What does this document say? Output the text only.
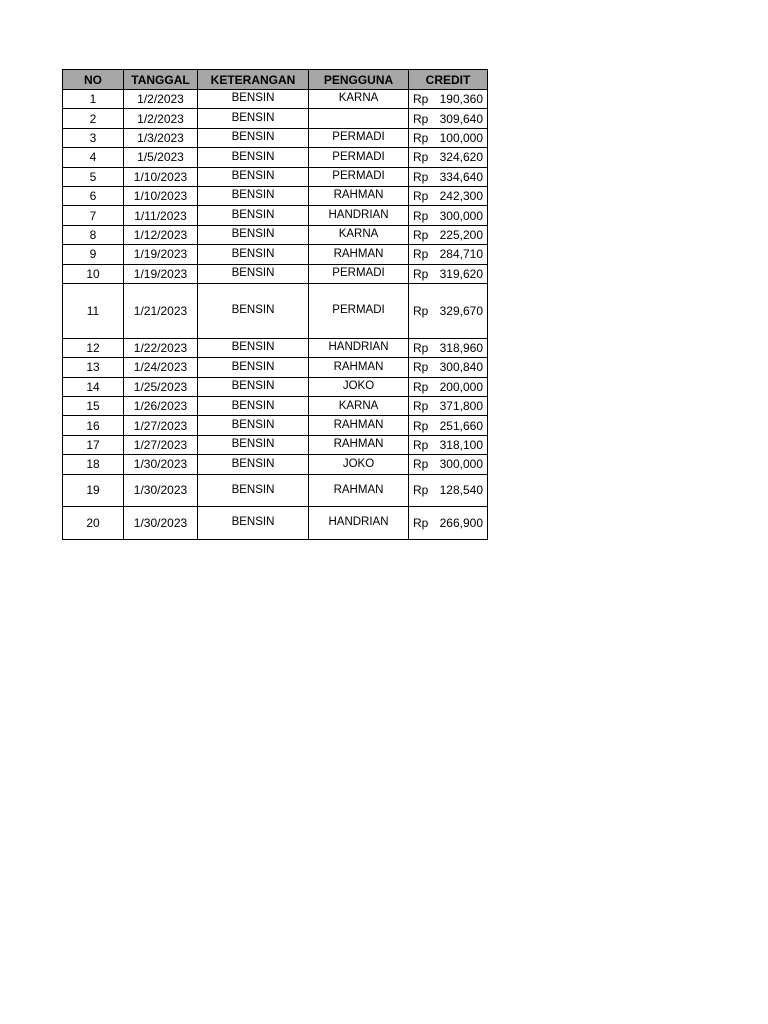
NO	TANGGAL	KETERANGAN	PENGGUNA	CREDIT
1	1/2/2023	BENSIN	KARNA	Rp 190,360

2	1/2/2023	BENSIN		Rp 309,640

3	1/3/2023	BENSIN	PERMADI	Rp 100,000

4	1/5/2023	BENSIN	PERMADI	Rp 324,620

5	1/10/2023	BENSIN	PERMADI	Rp 334,640

6	1/10/2023	BENSIN	RAHMAN	Rp 242,300

7	1/11/2023	BENSIN	HANDRIAN	Rp 300,000

8	1/12/2023	BENSIN	KARNA	Rp 225,200

9	1/19/2023	BENSIN	RAHMAN	Rp 284,710

10	1/19/2023	BENSIN	PERMADI	Rp 319,620

11	1/21/2023	BENSIN	PERMADI	Rp 329,670

12	1/22/2023	BENSIN	HANDRIAN	Rp 318,960

13	1/24/2023	BENSIN	RAHMAN	Rp 300,840

14	1/25/2023	BENSIN	JOKO	Rp 200,000

15	1/26/2023	BENSIN	KARNA	Rp 371,800

16	1/27/2023	BENSIN	RAHMAN	Rp 251,660

17	1/27/2023	BENSIN	RAHMAN	Rp 318,100

18	1/30/2023	BENSIN	JOKO	Rp 300,000

19	1/30/2023	BENSIN	RAHMAN	Rp 128,540

20	1/30/2023	BENSIN	HANDRIAN	Rp 266,900
